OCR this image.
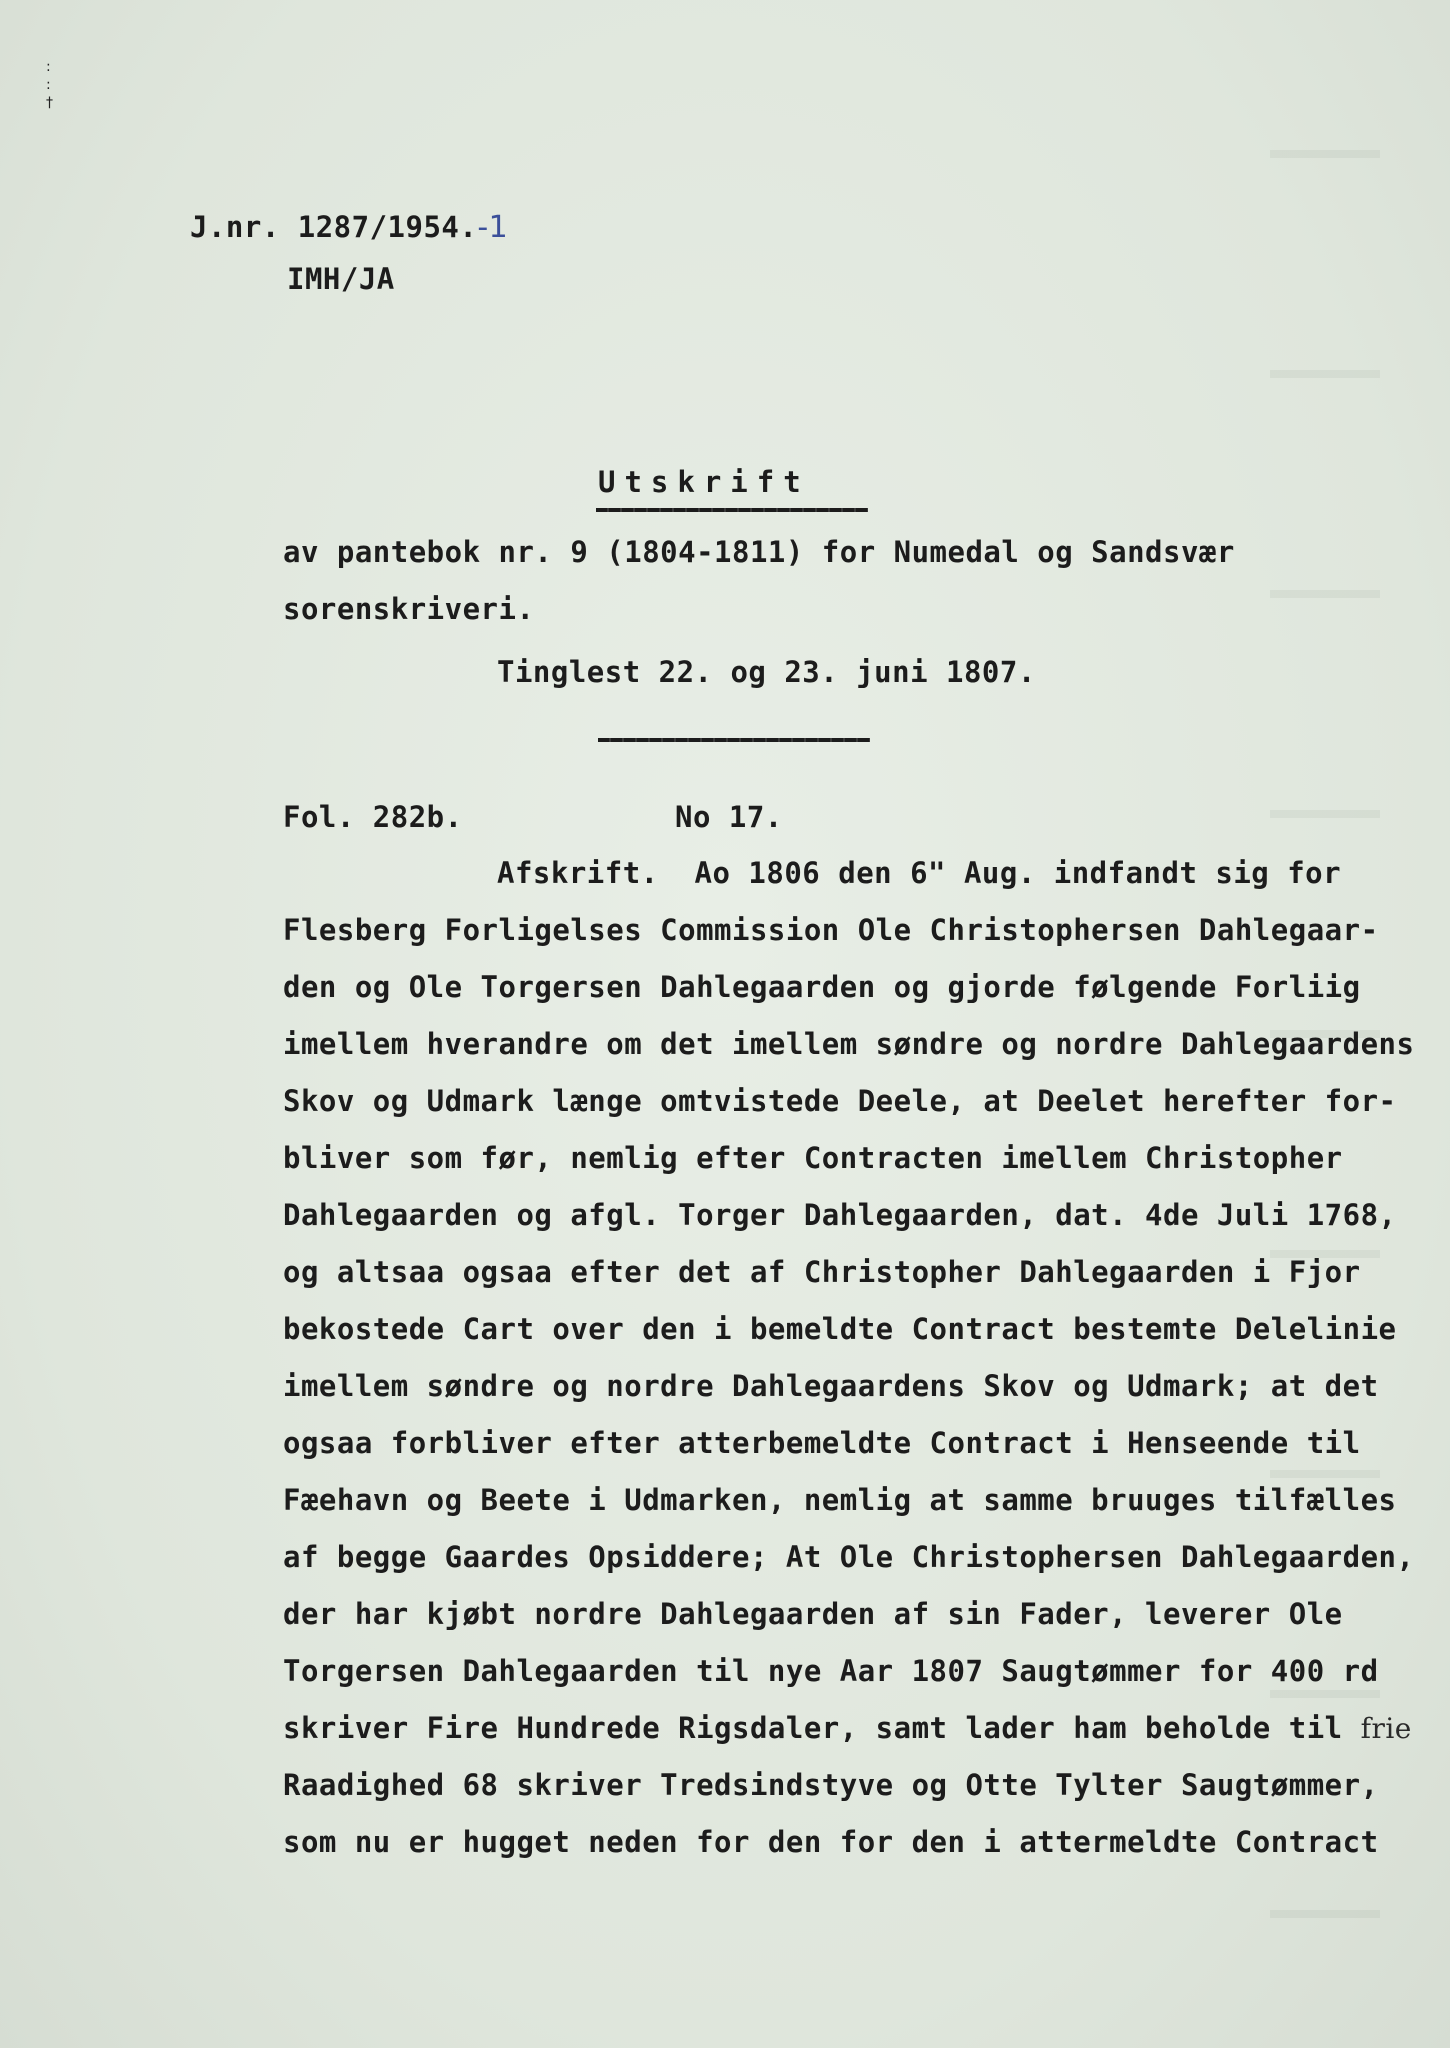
:
:
†
J.nr. 1287/1954.-1
IMH/JA
Utskrift
av pantebok nr. 9 (1804-1811) for Numedal og Sandsvær
sorenskriveri.
Tinglest 22. og 23. juni 1807.
Fol. 282b.	No 17.
Afskrift.  Ao 1806 den 6" Aug. indfandt sig for
Flesberg Forligelses Commission Ole Christophersen Dahlegaar-
den og Ole Torgersen Dahlegaarden og gjorde følgende Forliig
imellem hverandre om det imellem søndre og nordre Dahlegaardens
Skov og Udmark længe omtvistede Deele, at Deelet herefter for-
bliver som før, nemlig efter Contracten imellem Christopher
Dahlegaarden og afgl. Torger Dahlegaarden, dat. 4de Juli 1768,
og altsaa ogsaa efter det af Christopher Dahlegaarden i Fjor
bekostede Cart over den i bemeldte Contract bestemte Delelinie
imellem søndre og nordre Dahlegaardens Skov og Udmark; at det
ogsaa forbliver efter atterbemeldte Contract i Henseende til
Fæehavn og Beete i Udmarken, nemlig at samme bruuges tilfælles
af begge Gaardes Opsiddere; At Ole Christophersen Dahlegaarden,
der har kjøbt nordre Dahlegaarden af sin Fader, leverer Ole
Torgersen Dahlegaarden til nye Aar 1807 Saugtømmer for 400 rd
skriver Fire Hundrede Rigsdaler, samt lader ham beholde til frie
Raadighed 68 skriver Tredsindstyve og Otte Tylter Saugtømmer,
som nu er hugget neden for den for den i attermeldte Contract
